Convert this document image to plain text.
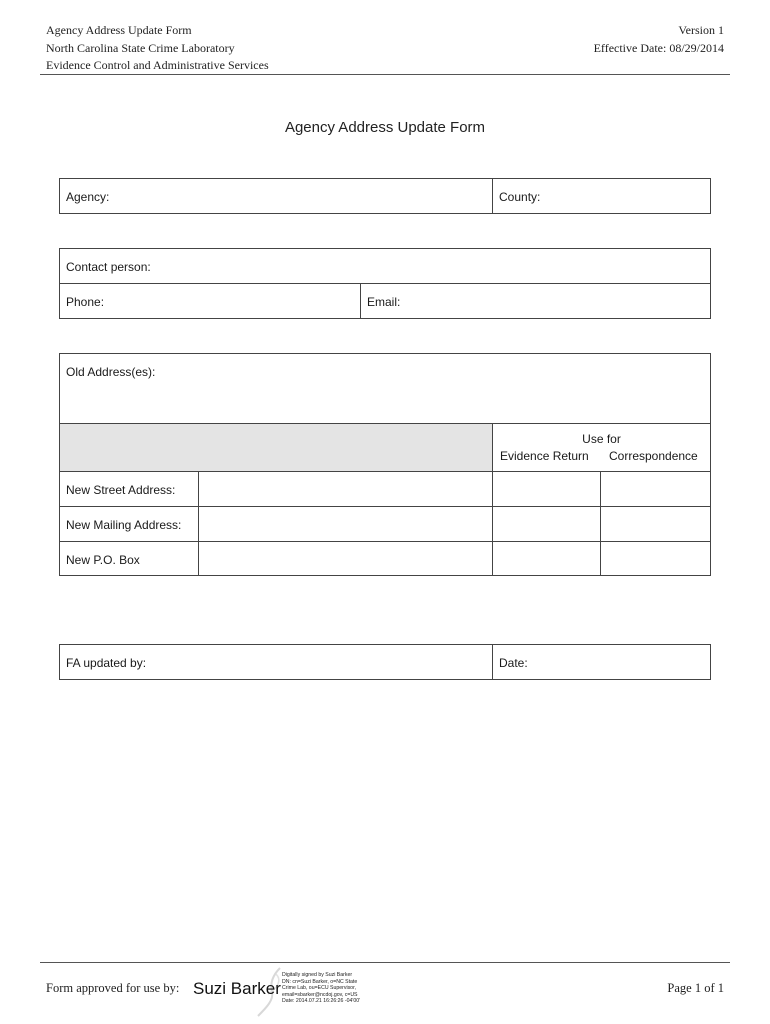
Agency Address Update Form
North Carolina State Crime Laboratory
Evidence Control and Administrative Services
Version 1
Effective Date: 08/29/2014
Agency Address Update Form
Agency:	County:
Contact person:
Phone:	Email:
Old Address(es):
Use for
Evidence Return Correspondence
New Street Address:
New Mailing Address:
New P.O. Box
FA updated by:	Date:
Form approved for use by: Suzi Barker
Digitally signed by Suzi Barker
DN: cn=Suzi Barker, o=NC State
Crime Lab, ou=ECU Supervisor,
email=sbarker@ncdoj.gov, c=US
Date: 2014.07.21 16:26:26 -04'00'
Page 1 of 1
